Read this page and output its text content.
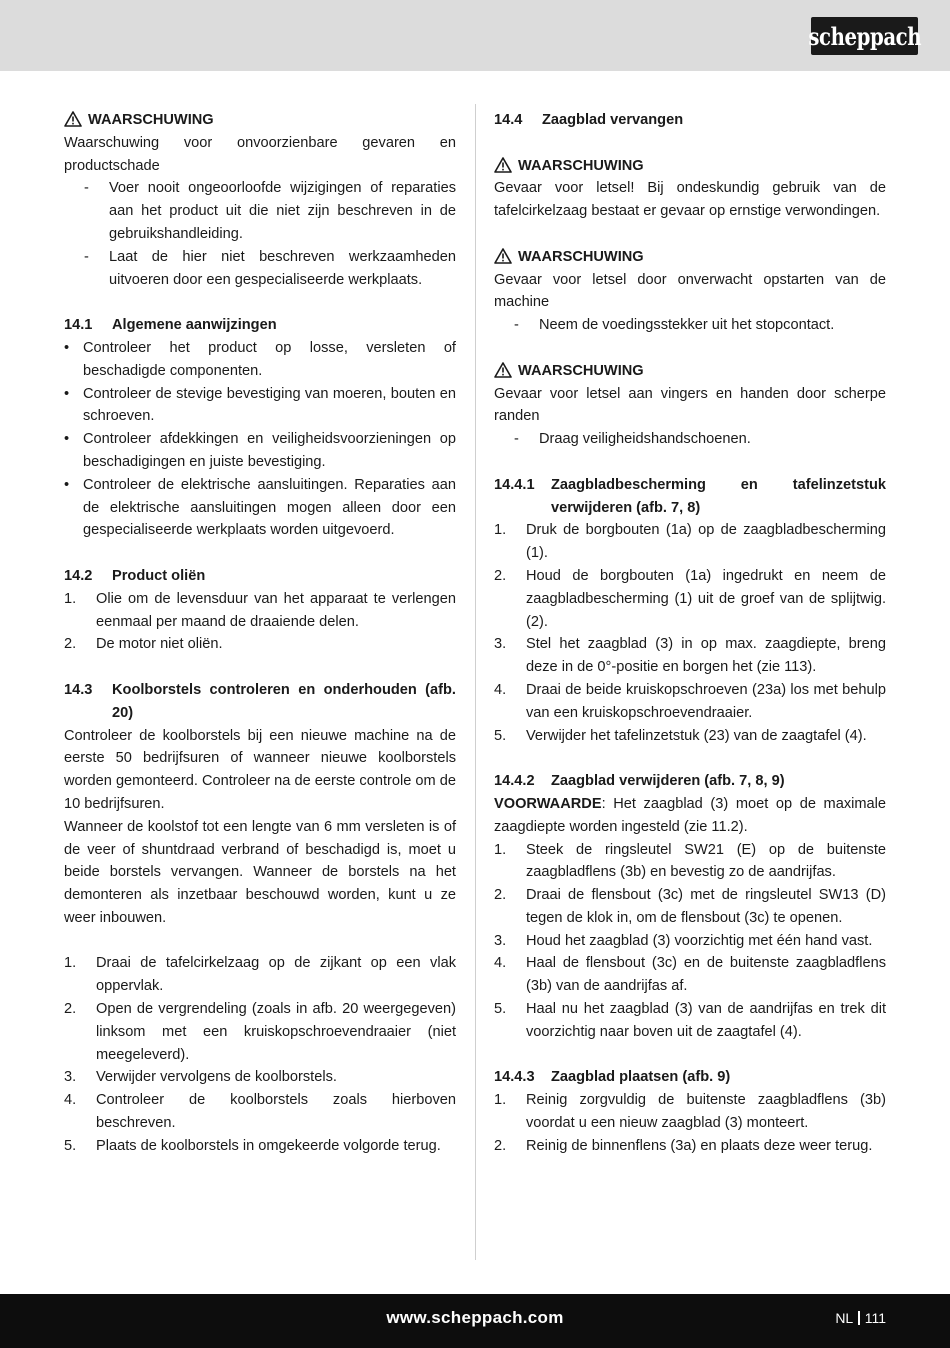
scheppach
WAARSCHUWING

Waarschuwing voor onvoorzienbare gevaren en productschade

-	Voer nooit ongeoorloofde wijzigingen of reparaties aan het product uit die niet zijn beschreven in de gebruikshandleiding.
-	Laat de hier niet beschreven werkzaamheden uitvoeren door een gespecialiseerde werkplaats.
14.1	Algemene aanwijzingen
• Controleer het product op losse, versleten of beschadigde componenten.
• Controleer de stevige bevestiging van moeren, bouten en schroeven.
• Controleer afdekkingen en veiligheidsvoorzieningen op beschadigingen en juiste bevestiging.
• Controleer de elektrische aansluitingen. Reparaties aan de elektrische aansluitingen mogen alleen door een gespecialiseerde werkplaats worden uitgevoerd.
14.2	Product oliën
1.	Olie om de levensduur van het apparaat te verlengen eenmaal per maand de draaiende delen.
2.	De motor niet oliën.
14.3	Koolborstels controleren en onderhouden (afb. 20)

Controleer de koolborstels bij een nieuwe machine na de eerste 50 bedrijfsuren of wanneer nieuwe koolborstels worden gemonteerd. Controleer na de eerste controle om de 10 bedrijfsuren.

Wanneer de koolstof tot een lengte van 6 mm versleten is of de veer of shuntdraad verbrand of beschadigd is, moet u beide borstels vervangen. Wanneer de borstels na het demonteren als inzetbaar beschouwd worden, kunt u ze weer inbouwen.

1.	Draai de tafelcirkelzaag op de zijkant op een vlak oppervlak.
2.	Open de vergrendeling (zoals in afb. 20 weergegeven) linksom met een kruiskopschroevendraaier (niet meegeleverd).
3.	Verwijder vervolgens de koolborstels.
4.	Controleer de koolborstels zoals hierboven beschreven.
5.	Plaats de koolborstels in omgekeerde volgorde terug.
14.4	Zaagblad vervangen
WAARSCHUWING

Gevaar voor letsel! Bij ondeskundig gebruik van de tafelcirkelzaag bestaat er gevaar op ernstige verwondingen.

WAARSCHUWING

Gevaar voor letsel door onverwacht opstarten van de machine

-	Neem de voedingsstekker uit het stopcontact.
WAARSCHUWING

Gevaar voor letsel aan vingers en handen door scherpe randen

-	Draag veiligheidshandschoenen.
14.4.1	Zaagbladbescherming en tafelinzetstuk verwijderen (afb. 7, 8)
1.	Druk de borgbouten (1a) op de zaagbladbescherming (1).
2.	Houd de borgbouten (1a) ingedrukt en neem de zaagbladbescherming (1) uit de groef van de splijtwig.(2).
3.	Stel het zaagblad (3) in op max. zaagdiepte, breng deze in de 0°-positie en borgen het (zie 113).
4.	Draai de beide kruiskopschroeven (23a) los met behulp van een kruiskopschroevendraaier.
5.	Verwijder het tafelinzetstuk (23) van de zaagtafel (4).
14.4.2	Zaagblad verwijderen (afb. 7, 8, 9)

VOORWAARDE: Het zaagblad (3) moet op de maximale zaagdiepte worden ingesteld (zie 11.2).

1.	Steek de ringsleutel SW21 (E) op de buitenste zaagbladflens (3b) en bevestig zo de aandrijfas.
2.	Draai de flensbout (3c) met de ringsleutel SW13 (D) tegen de klok in, om de flensbout (3c) te openen.
3.	Houd het zaagblad (3) voorzichtig met één hand vast.
4.	Haal de flensbout (3c) en de buitenste zaagbladflens (3b) van de aandrijfas af.
5.	Haal nu het zaagblad (3) van de aandrijfas en trek dit voorzichtig naar boven uit de zaagtafel (4).
14.4.3	Zaagblad plaatsen (afb. 9)
1.	Reinig zorgvuldig de buitenste zaagbladflens (3b) voordat u een nieuw zaagblad (3) monteert.
2.	Reinig de binnenflens (3a) en plaats deze weer terug.
www.scheppach.com	NL 111
